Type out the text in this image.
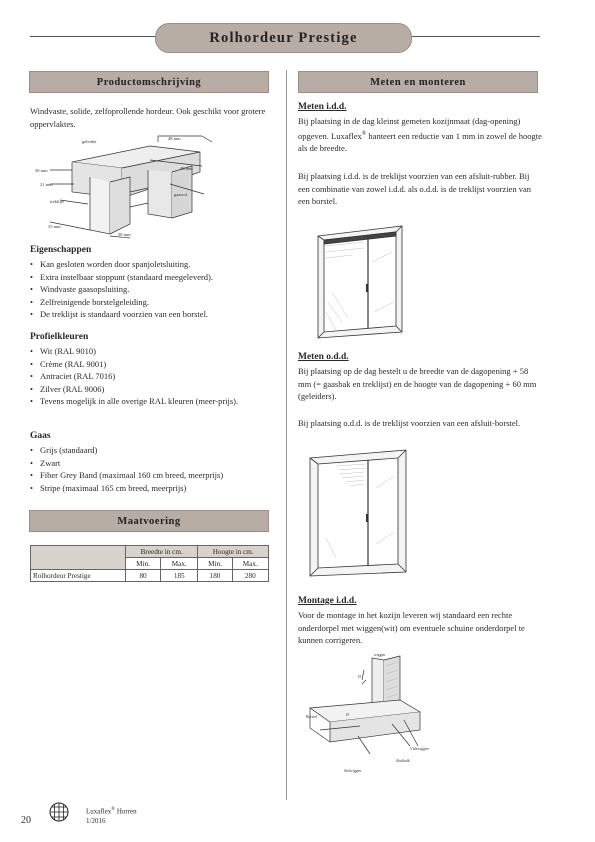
Rolhordeur Prestige
Productomschrijving
Windvaste, solide, zelfoprollende hordeur. Ook geschikt voor grotere oppervlaktes.
geleider
48 mm
30 mm
21 mm
48 mm
treklijst
gaasrol
35 mm
58 mm
Eigenschappen
• Kan gesloten worden door spanjoletsluiting.
• Extra instelbaar stoppunt (standaard meegeleverd).
• Windvaste gaasopsluiting.
• Zelfreinigende borstelgeleiding.
• De treklijst is standaard voorzien van een borstel.
Profielkleuren
• Wit (RAL 9010)
• Crème (RAL 9001)
• Antraciet (RAL 7016)
• Zilver (RAL 9006)
• Tevens mogelijk in alle overige RAL kleuren (meer-prijs).
Gaas
• Grijs (standaard)
• Zwart
• Fiber Grey Band (maximaal 160 cm breed, meerprijs)
• Stripe (maximaal 165 cm breed, meerprijs)
Maatvoering
	Breedte in cm.		Hoogte in cm.	
	Min.	Max.	Min.	Max.
Rolhordeur Prestige	80	185	180	280
Meten en monteren
Meten i.d.d.
Bij plaatsing in de dag kleinst gemeten kozijnmaat (dag-opening) opgeven. Luxaflex® hanteert een reductie van 1 mm in zowel de hoogte als de breedte.
Bij plaatsing i.d.d. is de treklijst voorzien van een afsluit-rubber. Bij een combinatie van zowel i.d.d. als o.d.d. is de treklijst voorzien van een borstel.
Meten o.d.d.
Bij plaatsing op de dag bestelt u de breedte van de dagopening + 58 mm (= gaasbak en treklijst) en de hoogte van de dagopening + 60 mm (geleiders).
Bij plaatsing o.d.d. is de treklijst voorzien van een afsluit-borstel.
Montage i.d.d.
Voor de montage in het kozijn leveren wij standaard een rechte onderdorpel met wiggen(wit) om eventuele schuine onderdorpel te kunnen corrigeren.
wiggen
Stelwiggen
Vlakwiggen
Ø
Borstel	Ø
Sluitbalk
20
Luxaflex® Horren
1/2016
